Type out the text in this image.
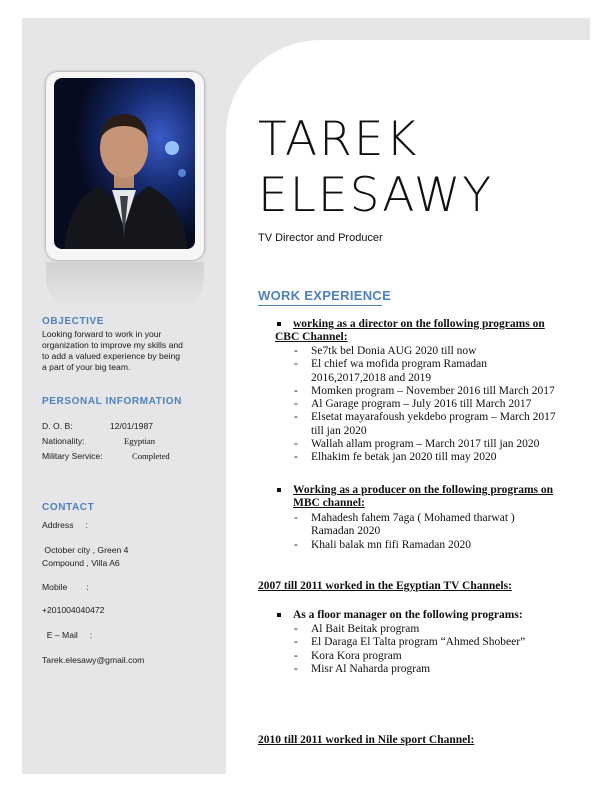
OBJECTIVE
Looking forward to work in your
organization to improve my skills and
to add a valued experience by being
a part of your big team.
PERSONAL INFORMATION
D. O. B:	12/01/1987
Nationality:	Egyptian
Military Service:	Completed
CONTACT
Address     :
October city , Green 4
Compound , Villa A6
Mobile        :
+201004040472
E – Mail     :
Tarek.elesawy@gmail.com
TAREK
ELESAWY
TV Director and Producer
WORK EXPERIENCE
working as a director on the following programs on
CBC Channel:
- Se7tk bel Donia AUG 2020 till now
- El chief wa mofida program Ramadan
2016,2017,2018 and 2019
- Momken program – November 2016 till March 2017
- Al Garage program – July 2016 till March 2017
- Elsetat mayarafoush yekdebo program – March 2017
till jan 2020
- Wallah allam program – March 2017 till jan 2020
- Elhakim fe betak jan 2020 till may 2020
Working as a producer on the following programs on
MBC channel:
- Mahadesh fahem 7aga ( Mohamed tharwat )
Ramadan 2020
- Khali balak mn fifi Ramadan 2020
2007 till 2011 worked in the Egyptian TV Channels:
As a floor manager on the following programs:
- Al Bait Beitak program
- El Daraga El Talta program “Ahmed Shobeer”
- Kora Kora program
- Misr Al Naharda program
2010 till 2011 worked in Nile sport Channel:
